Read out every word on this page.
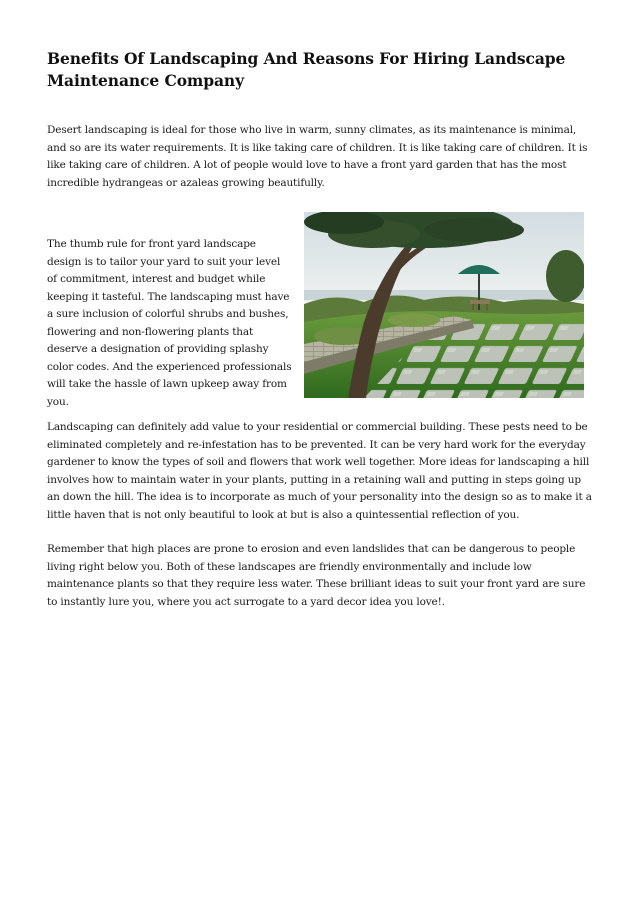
Benefits Of Landscaping And Reasons For Hiring Landscape Maintenance Company

Desert landscaping is ideal for those who live in warm, sunny climates, as its maintenance is minimal, and so are its water requirements. It is like taking care of children. It is like taking care of children. It is like taking care of children. A lot of people would love to have a front yard garden that has the most incredible hydrangeas or azaleas growing beautifully.

The thumb rule for front yard landscape design is to tailor your yard to suit your level of commitment, interest and budget while keeping it tasteful. The landscaping must have a sure inclusion of colorful shrubs and bushes, flowering and non-flowering plants that deserve a designation of providing splashy color codes. And the experienced professionals will take the hassle of lawn upkeep away from you.

Landscaping can definitely add value to your residential or commercial building. These pests need to be eliminated completely and re-infestation has to be prevented. It can be very hard work for the everyday gardener to know the types of soil and flowers that work well together. More ideas for landscaping a hill involves how to maintain water in your plants, putting in a retaining wall and putting in steps going up an down the hill. The idea is to incorporate as much of your personality into the design so as to make it a little haven that is not only beautiful to look at but is also a quintessential reflection of you.

Remember that high places are prone to erosion and even landslides that can be dangerous to people living right below you. Both of these landscapes are friendly environmentally and include low maintenance plants so that they require less water. These brilliant ideas to suit your front yard are sure to instantly lure you, where you act surrogate to a yard decor idea you love!.
